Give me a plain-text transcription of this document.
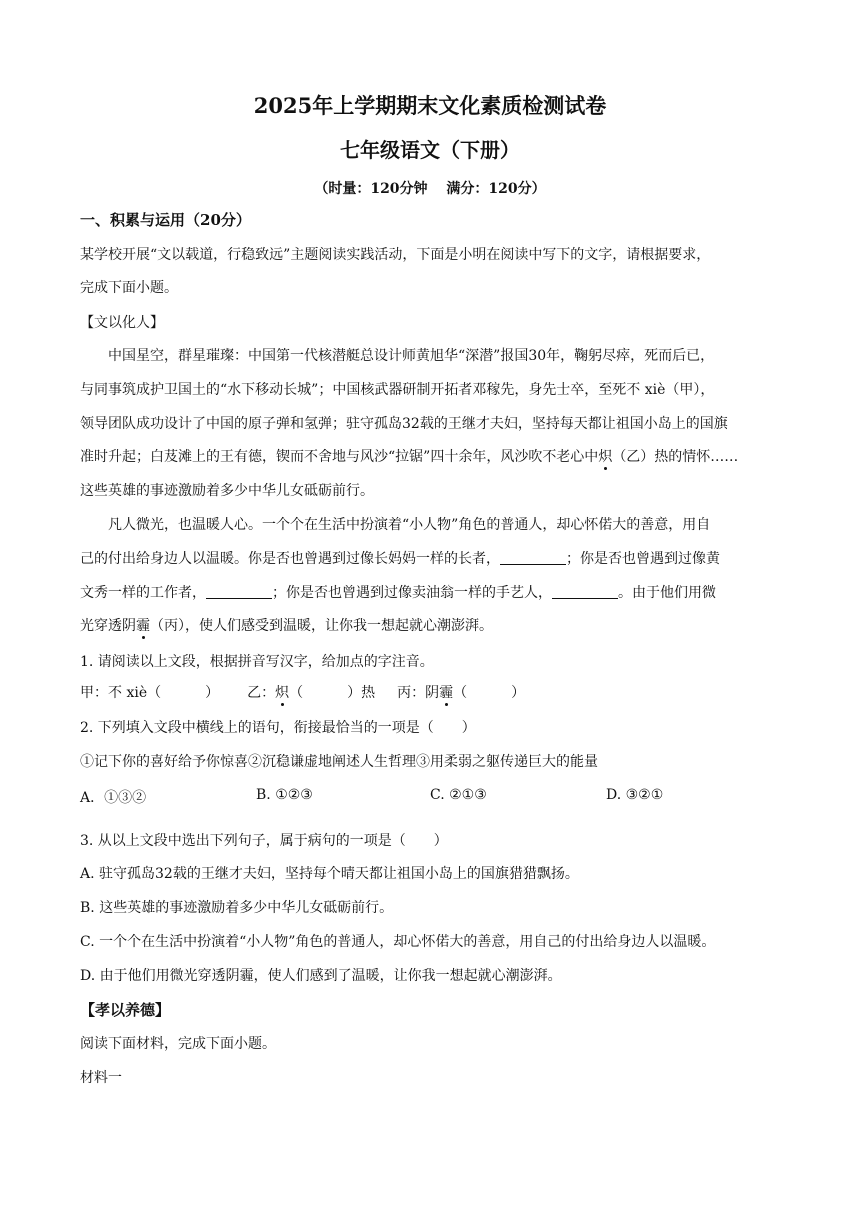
2025年上学期期末文化素质检测试卷
七年级语文（下册）
（时量：120分钟　 满分：120分）
一、积累与运用（20分）
某学校开展“文以载道，行稳致远”主题阅读实践活动，下面是小明在阅读中写下的文字，请根据要求，
完成下面小题。
【文以化人】
中国星空，群星璀璨：中国第一代核潜艇总设计师黄旭华“深潜”报国30年，鞠躬尽瘁，死而后已，
与同事筑成护卫国土的“水下移动长城”；中国核武器研制开拓者邓稼先，身先士卒，至死不 xiè（甲），
领导团队成功设计了中国的原子弹和氢弹；驻守孤岛32载的王继才夫妇，坚持每天都让祖国小岛上的国旗
准时升起；白芨滩上的王有德，锲而不舍地与风沙“拉锯”四十余年，风沙吹不老心中炽（乙）热的情怀……
这些英雄的事迹激励着多少中华儿女砥砺前行。
凡人微光，也温暖人心。一个个在生活中扮演着“小人物”角色的普通人，却心怀偌大的善意，用自
己的付出给身边人以温暖。你是否也曾遇到过像长妈妈一样的长者，	；你是否也曾遇到过像黄
文秀一样的工作者，	；你是否也曾遇到过像卖油翁一样的手艺人，	。由于他们用微
光穿透阴霾（丙），使人们感受到温暖，让你我一想起就心潮澎湃。
1. 请阅读以上文段，根据拼音写汉字，给加点的字注音。
甲：不 xiè（	） 乙：炽（	）热 丙：阴霾（	）
2. 下列填入文段中横线上的语句，衔接最恰当的一项是（　　）
①记下你的喜好给予你惊喜②沉稳谦虚地阐述人生哲理③用柔弱之躯传递巨大的能量
A．①③②	B. ①②③	C. ②①③	D. ③②①
3. 从以上文段中选出下列句子，属于病句的一项是（　　）
A. 驻守孤岛32载的王继才夫妇，坚持每个晴天都让祖国小岛上的国旗猎猎飘扬。
B. 这些英雄的事迹激励着多少中华儿女砥砺前行。
C. 一个个在生活中扮演着“小人物”角色的普通人，却心怀偌大的善意，用自己的付出给身边人以温暖。
D. 由于他们用微光穿透阴霾，使人们感到了温暖，让你我一想起就心潮澎湃。
【孝以养德】
阅读下面材料，完成下面小题。
材料一
